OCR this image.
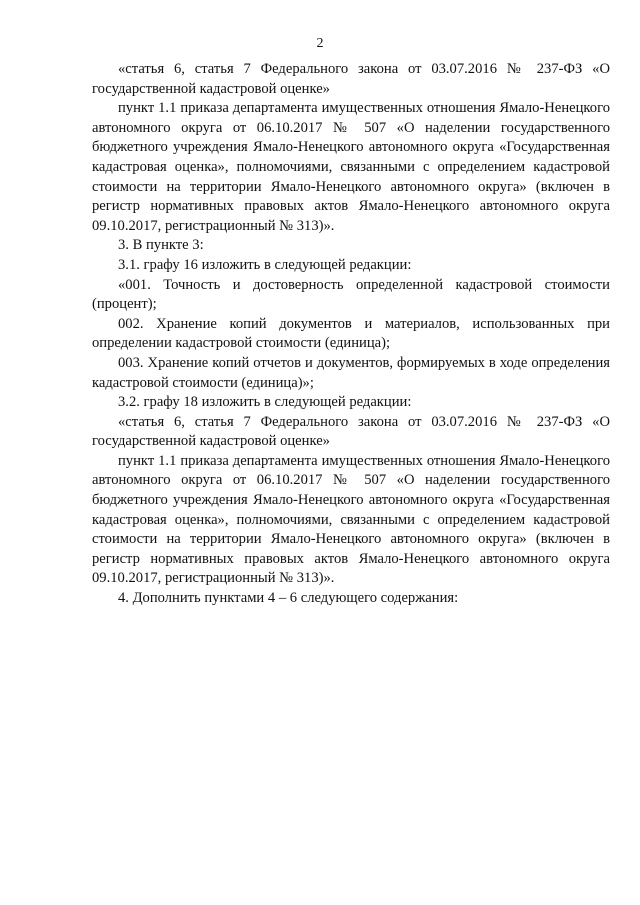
2

«статья 6, статья 7 Федерального закона от 03.07.2016 № 237-ФЗ «О государственной кадастровой оценке»

пункт 1.1 приказа департамента имущественных отношения Ямало-Ненецкого автономного округа от 06.10.2017 № 507 «О наделении государственного бюджетного учреждения Ямало-Ненецкого автономного округа «Государственная кадастровая оценка», полномочиями, связанными с определением кадастровой стоимости на территории Ямало-Ненецкого автономного округа» (включен в регистр нормативных правовых актов Ямало-Ненецкого автономного округа 09.10.2017, регистрационный № 313)».

3. В пункте 3:

3.1. графу 16 изложить в следующей редакции:

«001. Точность и достоверность определенной кадастровой стоимости (процент);

002. Хранение копий документов и материалов, использованных при определении кадастровой стоимости (единица);

003. Хранение копий отчетов и документов, формируемых в ходе определения кадастровой стоимости (единица)»;

3.2. графу 18 изложить в следующей редакции:

«статья 6, статья 7 Федерального закона от 03.07.2016 № 237-ФЗ «О государственной кадастровой оценке»

пункт 1.1 приказа департамента имущественных отношения Ямало-Ненецкого автономного округа от 06.10.2017 № 507 «О наделении государственного бюджетного учреждения Ямало-Ненецкого автономного округа «Государственная кадастровая оценка», полномочиями, связанными с определением кадастровой стоимости на территории Ямало-Ненецкого автономного округа» (включен в регистр нормативных правовых актов Ямало-Ненецкого автономного округа 09.10.2017, регистрационный № 313)».

4. Дополнить пунктами 4 – 6 следующего содержания:
